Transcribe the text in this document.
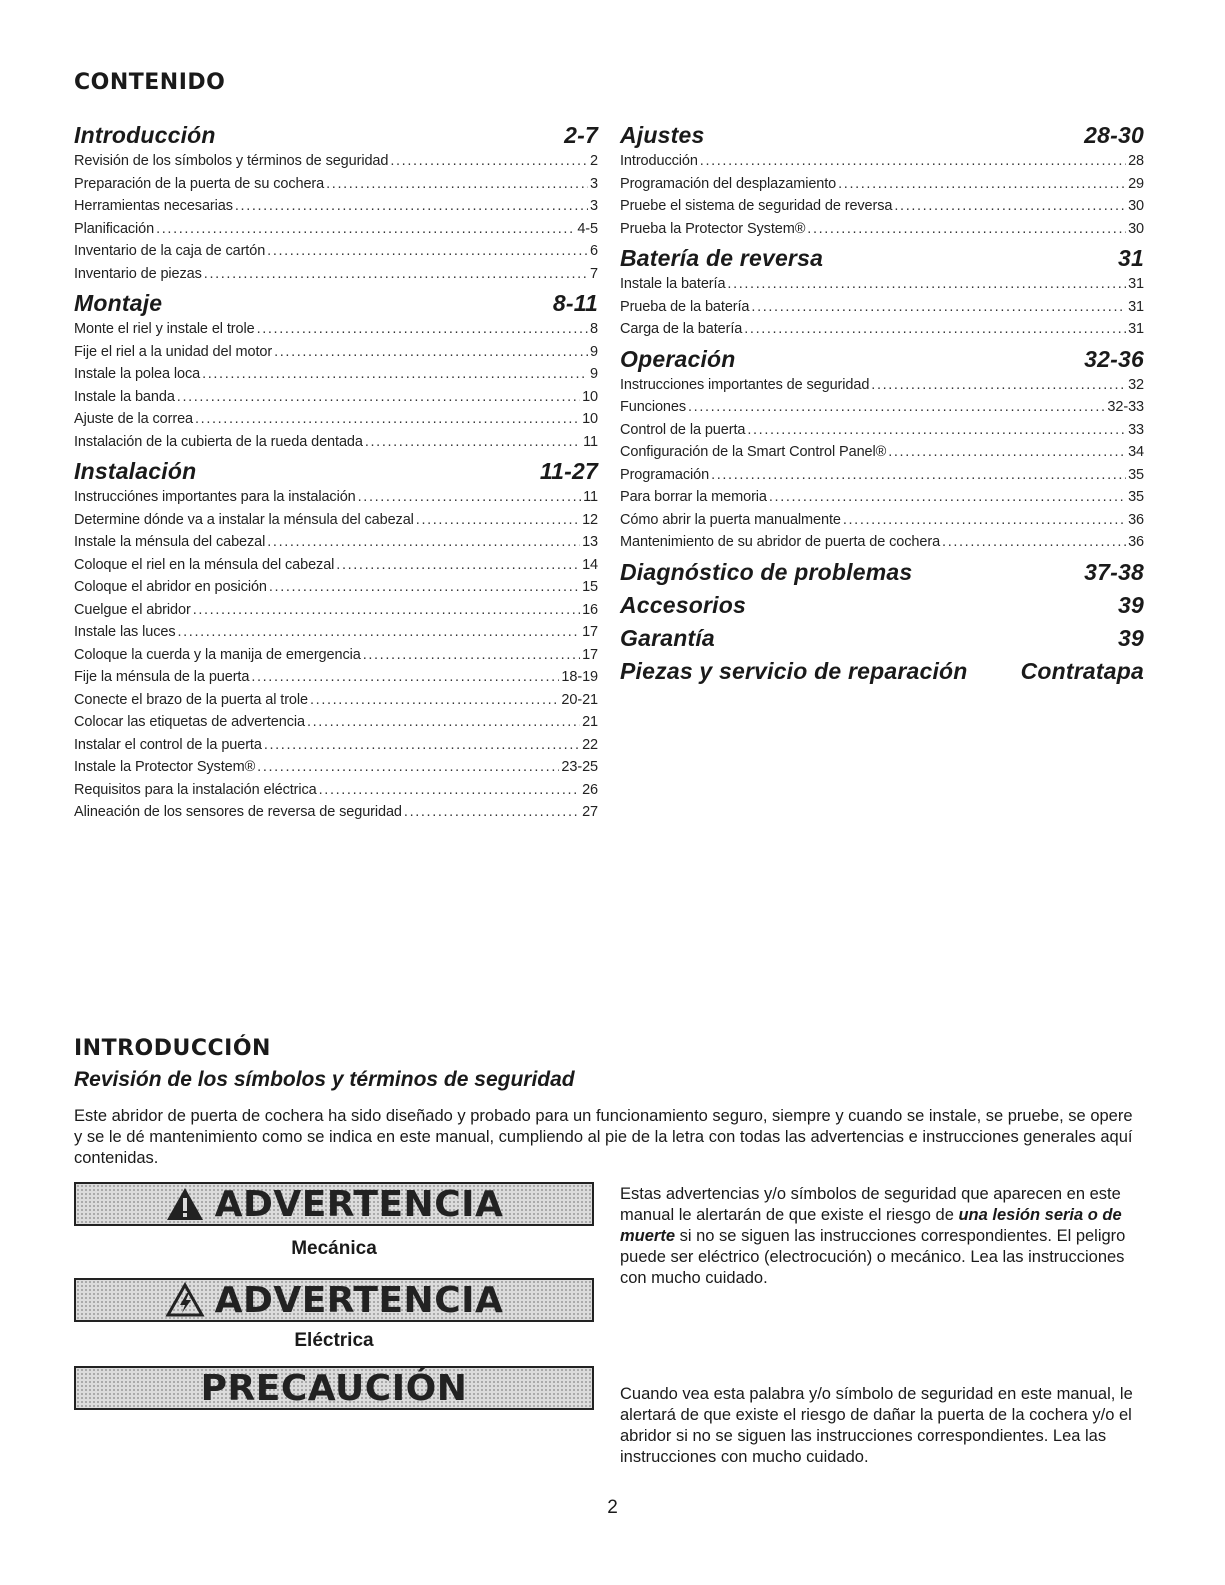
CONTENIDO
Introducción	2-7
Revisión de los símbolos y términos de seguridad . . .	2
Preparación de la puerta de su cochera . . .	3
Herramientas necesarias . . .	3
Planificación . . .	4-5
Inventario de la caja de cartón . . .	6
Inventario de piezas . . .	7
Montaje	8-11
Monte el riel y instale el trole . . .	8
Fije el riel a la unidad del motor . . .	9
Instale la polea loca . . .	9
Instale la banda . . .	10
Ajuste de la correa . . .	10
Instalación de la cubierta de la rueda dentada . . .	11
Instalación	11-27
Instrucciónes importantes para la instalación . . .	11
Determine dónde va a instalar la ménsula del cabezal . . .	12
Instale la ménsula del cabezal . . .	13
Coloque el riel en la ménsula del cabezal . . .	14
Coloque el abridor en posición . . .	15
Cuelgue el abridor . . .	16
Instale las luces . . .	17
Coloque la cuerda y la manija de emergencia . . .	17
Fije la ménsula de la puerta . . .	18-19
Conecte el brazo de la puerta al trole . . .	20-21
Colocar las etiquetas de advertencia . . .	21
Instalar el control de la puerta . . .	22
Instale la Protector System® . . .	23-25
Requisitos para la instalación eléctrica . . .	26
Alineación de los sensores de reversa de seguridad . . .	27
Ajustes	28-30
Introducción . . .	28
Programación del desplazamiento . . .	29
Pruebe el sistema de seguridad de reversa . . .	30
Prueba la Protector System® . . .	30
Batería de reversa	31
Instale la batería . . .	31
Prueba de la batería . . .	31
Carga de la batería . . .	31
Operación	32-36
Instrucciones importantes de seguridad . . .	32
Funciones . . .	32-33
Control de la puerta . . .	33
Configuración de la Smart Control Panel® . . .	34
Programación . . .	35
Para borrar la memoria . . .	35
Cómo abrir la puerta manualmente . . .	36
Mantenimiento de su abridor de puerta de cochera . . .	36
Diagnóstico de problemas	37-38
Accesorios	39
Garantía	39
Piezas y servicio de reparación Contratapa
INTRODUCCIÓN
Revisión de los símbolos y términos de seguridad

Este abridor de puerta de cochera ha sido diseñado y probado para un funcionamiento seguro, siempre y cuando se instale, se pruebe, se opere y se le dé mantenimiento como se indica en este manual, cumpliendo al pie de la letra con todas las advertencias e instrucciones generales aquí contenidas.

ADVERTENCIA
Mecánica
ADVERTENCIA
Eléctrica
PRECAUCIÓN

Estas advertencias y/o símbolos de seguridad que aparecen en este manual le alertarán de que existe el riesgo de una lesión seria o de muerte si no se siguen las instrucciones correspondientes. El peligro puede ser eléctrico (electrocución) o mecánico. Lea las instrucciones con mucho cuidado.

Cuando vea esta palabra y/o símbolo de seguridad en este manual, le alertará de que existe el riesgo de dañar la puerta de la cochera y/o el abridor si no se siguen las instrucciones correspondientes. Lea las instrucciones con mucho cuidado.

2
